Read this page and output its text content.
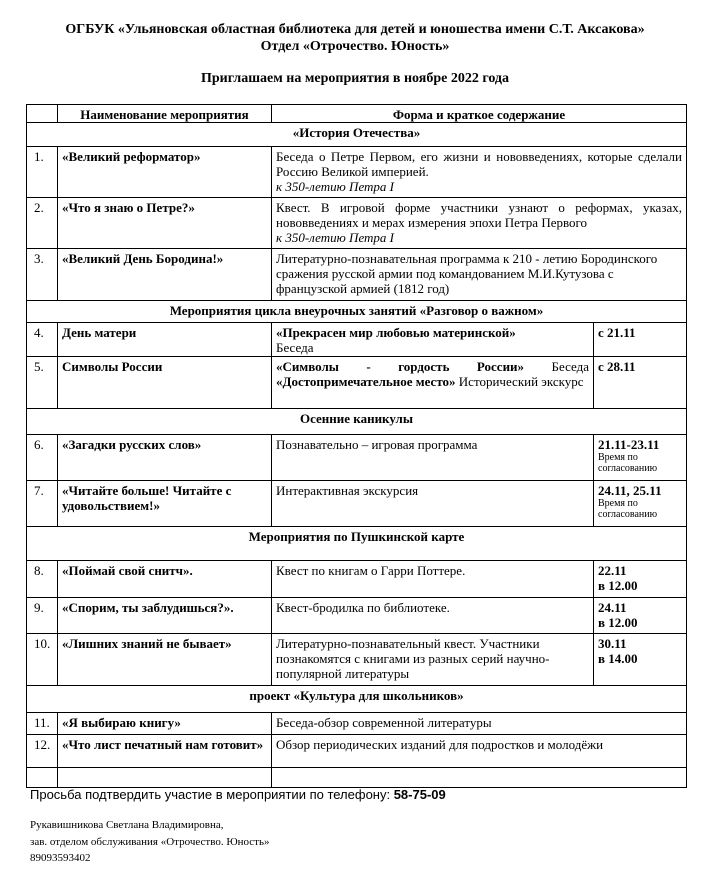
ОГБУК «Ульяновская областная библиотека для детей и юношества имени С.Т. Аксакова»
Отдел «Отрочество. Юность»
Приглашаем на мероприятия в ноябре 2022 года
	Наименование мероприятия	Форма и краткое содержание	
«История Отечества»			
1.	«Великий реформатор»	Беседа о Петре Первом, его жизни и нововведениях, которые сделали Россию Великой империей.
к 350-летию Петра I	

2.	«Что я знаю о Петре?»	Квест. В игровой форме участники узнают о реформах, указах, нововведениях и мерах измерения эпохи Петра Первого
к 350-летию Петра I	

3.	«Великий День Бородина!»	Литературно-познавательная программа к 210 - летию Бородинского сражения русской армии под командованием М.И.Кутузова с французской армией (1812 год)	
Мероприятия цикла внеурочных занятий «Разговор о важном»			
4.	День матери	«Прекрасен мир любовью материнской»
Беседа	с 21.11
5.	Символы России	«Символы - гордость России» Беседа «Достопримечательное место» Исторический экскурс	с 28.11
Осенние каникулы			
6.	«Загадки русских слов»	Познавательно – игровая программа	21.11-23.11
Время по согласованию

7.	«Читайте больше! Читайте с удовольствием!»	Интерактивная экскурсия	24.11, 25.11
Время по согласованию

Мероприятия по Пушкинской карте			
8.	«Поймай свой снитч».	Квест по книгам о Гарри Поттере.	22.11
в 12.00

9.	«Спорим, ты заблудишься?».	Квест-бродилка по библиотеке.	24.11
в 12.00

10.	«Лишних знаний не бывает»	Литературно-познавательный квест. Участники познакомятся с книгами из разных серий научно-популярной литературы	30.11
в 14.00

проект «Культура для школьников»			
11.	«Я выбираю книгу»	Беседа-обзор современной литературы	
12.	«Что лист печатный нам готовит»	Обзор периодических изданий для подростков и молодёжи	

Просьба подтвердить участие в мероприятии по телефону: 58-75-09
Рукавишникова Светлана Владимировна,
зав. отделом обслуживания «Отрочество. Юность»
89093593402
